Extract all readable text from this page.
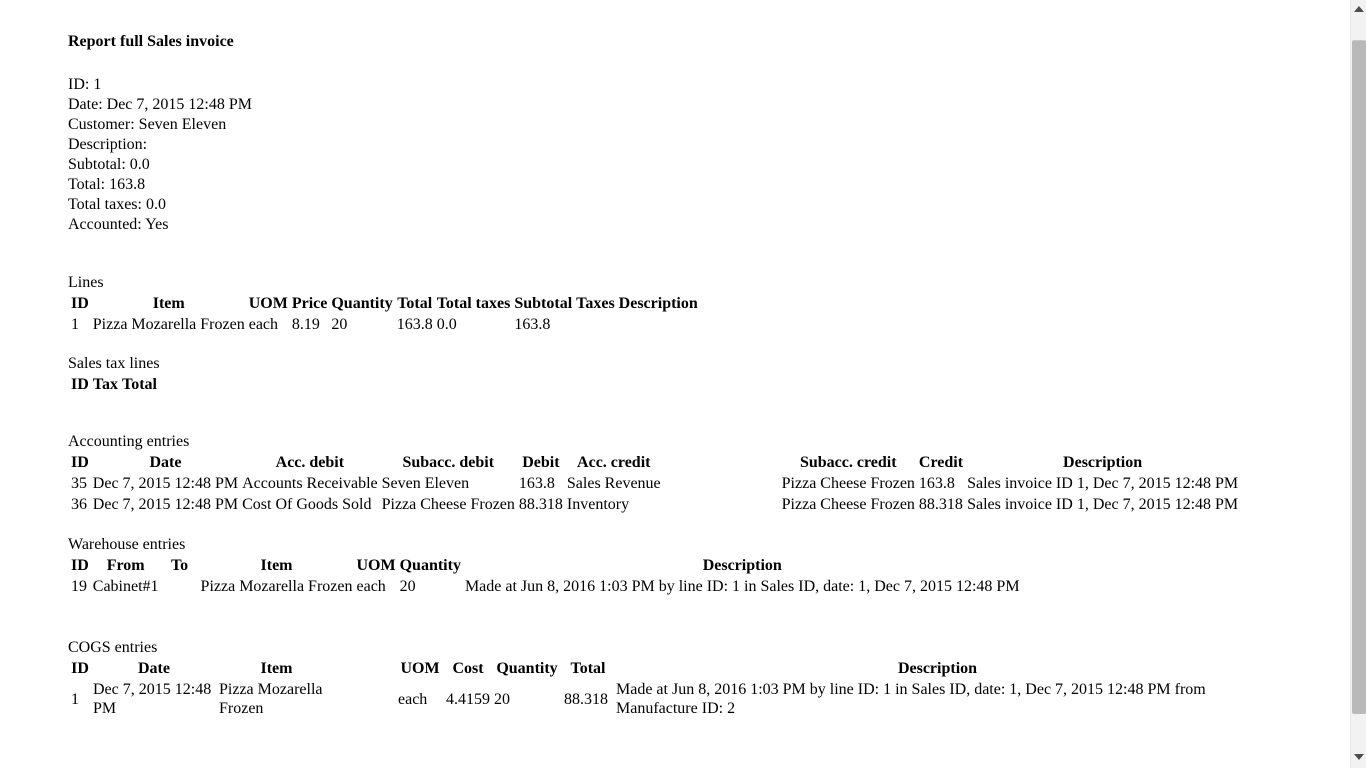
Report full Sales invoice
ID: 1
Date: Dec 7, 2015 12:48 PM
Customer: Seven Eleven
Description:
Subtotal: 0.0
Total: 163.8
Total taxes: 0.0
Accounted: Yes
Lines
ID	Item	UOM	Price	Quantity	Total	Total taxes	Subtotal	Taxes	Description
1	Pizza Mozarella Frozen	each	8.19	20	163.8	0.0	163.8		
Sales tax lines
ID	Tax	Total
Accounting entries
ID	Date	Acc. debit	Subacc. debit	Debit	Acc. credit	Subacc. credit	Credit	Description
35	Dec 7, 2015 12:48 PM	Accounts Receivable	Seven Eleven	163.8	Sales Revenue	Pizza Cheese Frozen	163.8	Sales invoice ID 1, Dec 7, 2015 12:48 PM
36	Dec 7, 2015 12:48 PM	Cost Of Goods Sold	Pizza Cheese Frozen	88.318	Inventory	Pizza Cheese Frozen	88.318	Sales invoice ID 1, Dec 7, 2015 12:48 PM
Warehouse entries
ID	From	To	Item	UOM	Quantity	Description
19	Cabinet#1		Pizza Mozarella Frozen	each	20	Made at Jun 8, 2016 1:03 PM by line ID: 1 in Sales ID, date: 1, Dec 7, 2015 12:48 PM
COGS entries
ID	Date	Item	UOM	Cost	Quantity	Total	Description
1	Dec 7, 2015 12:48 PM	Pizza Mozarella Frozen	each	4.4159	20	88.318	Made at Jun 8, 2016 1:03 PM by line ID: 1 in Sales ID, date: 1, Dec 7, 2015 12:48 PM from Manufacture ID: 2
